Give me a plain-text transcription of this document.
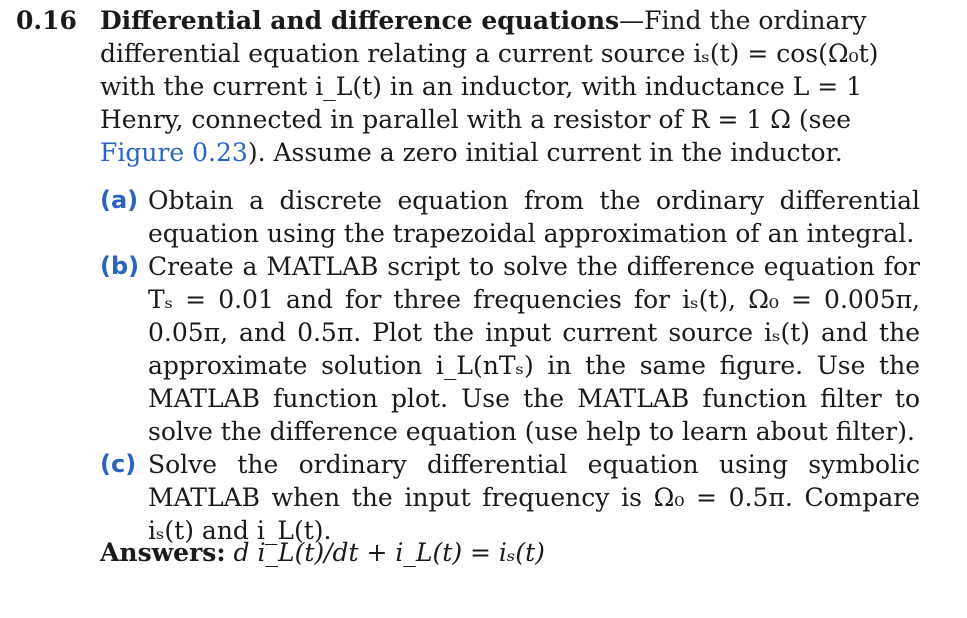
0.16 Differential and difference equations—Find the ordinary differential equation relating a current source iₛ(t) = cos(Ω₀t) with the current i_L(t) in an inductor, with inductance L = 1 Henry, connected in parallel with a resistor of R = 1 Ω (see Figure 0.23). Assume a zero initial current in the inductor.
(a) Obtain a discrete equation from the ordinary differential equation using the trapezoidal approximation of an integral.
(b) Create a MATLAB script to solve the difference equation for Tₛ = 0.01 and for three frequencies for iₛ(t), Ω₀ = 0.005π, 0.05π, and 0.5π. Plot the input current source iₛ(t) and the approximate solution i_L(nTₛ) in the same figure. Use the MATLAB function plot. Use the MATLAB function filter to solve the difference equation (use help to learn about filter).
(c) Solve the ordinary differential equation using symbolic MATLAB when the input frequency is Ω₀ = 0.5π. Compare iₛ(t) and i_L(t).
Answers: d i_L(t)/dt + i_L(t) = iₛ(t)
